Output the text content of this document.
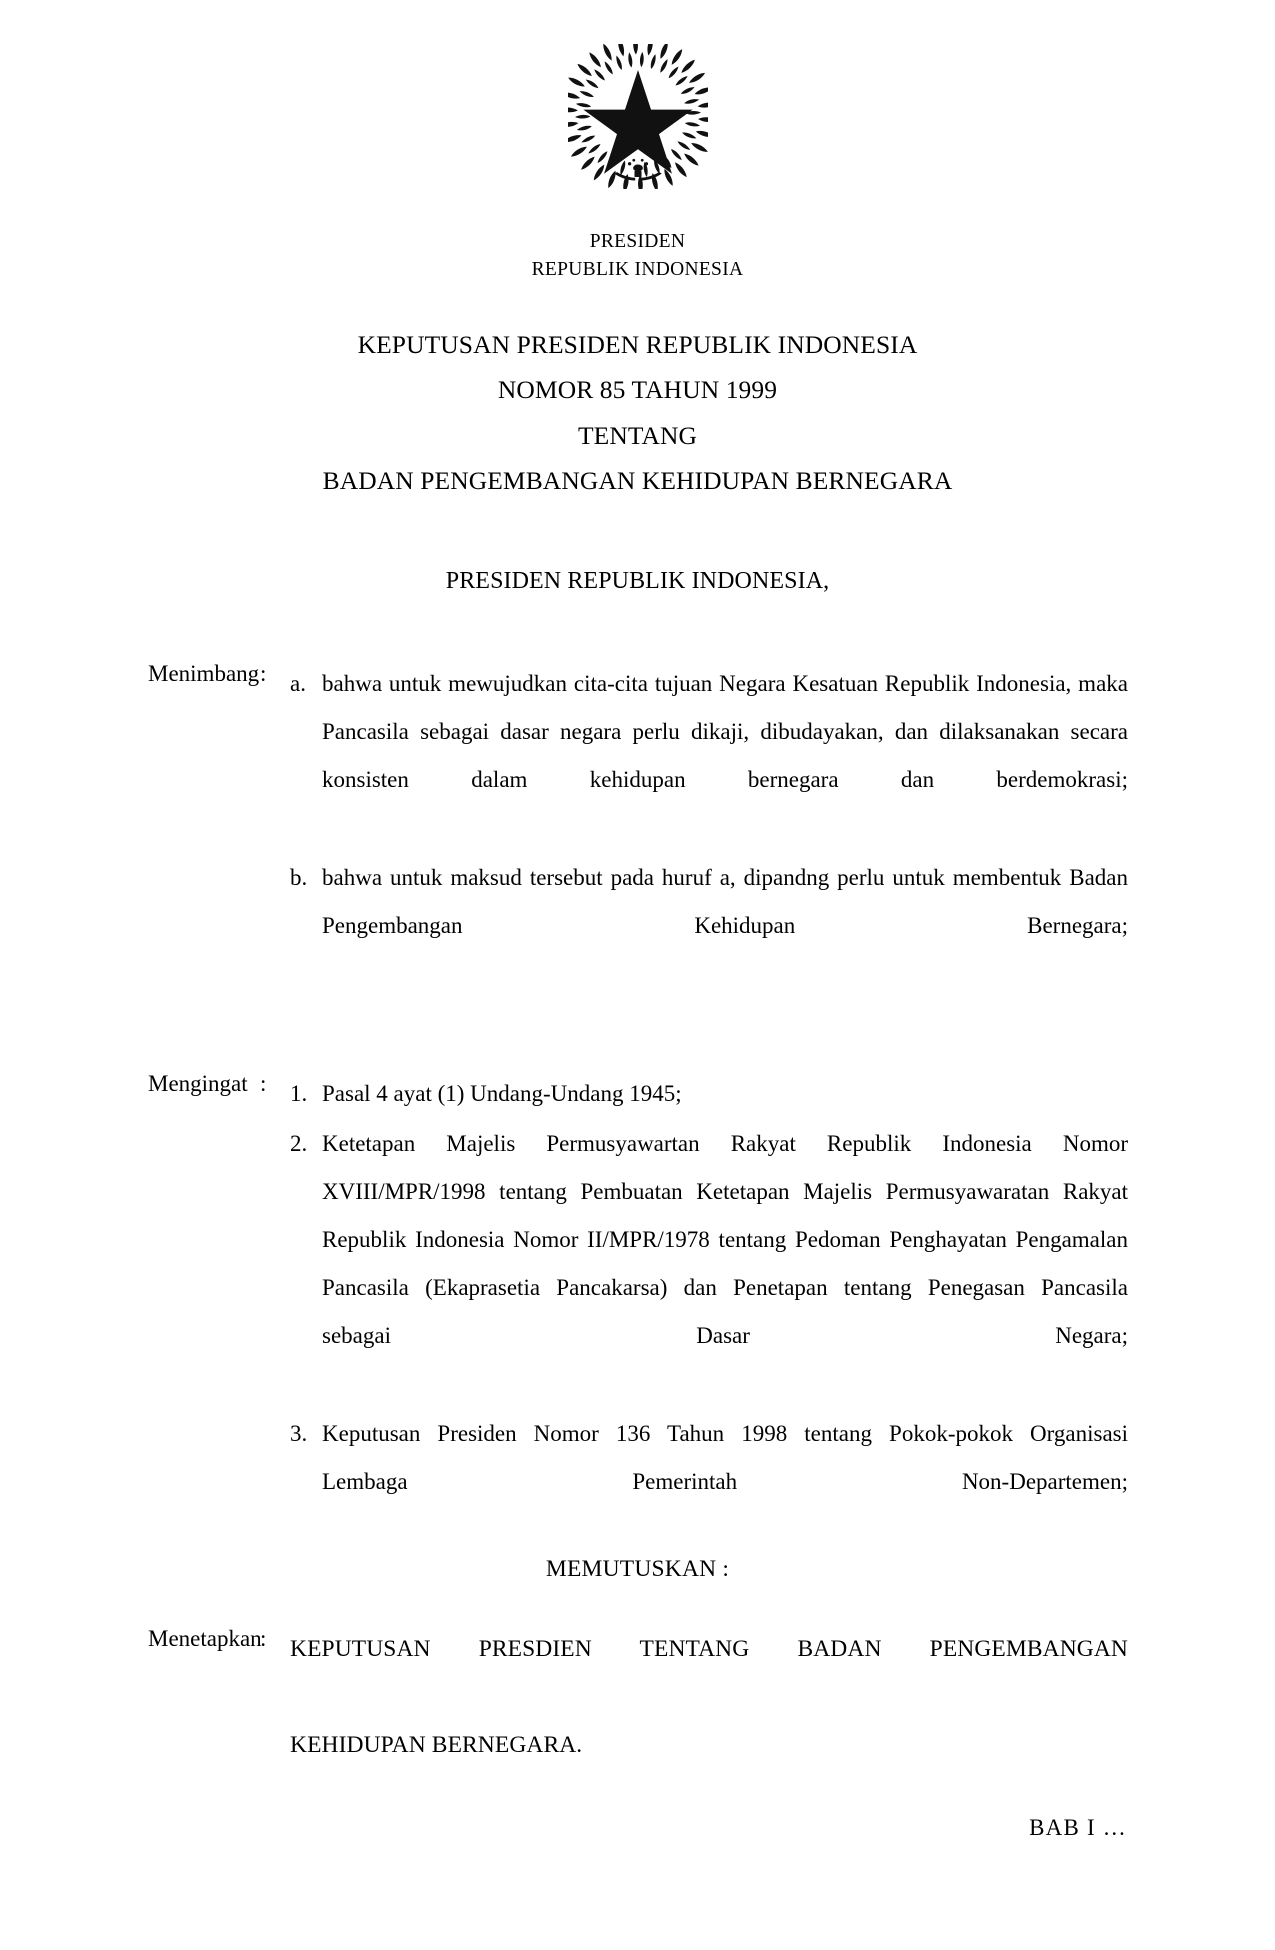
PRESIDEN
REPUBLIK INDONESIA
KEPUTUSAN PRESIDEN REPUBLIK INDONESIA
NOMOR 85 TAHUN 1999
TENTANG
BADAN PENGEMBANGAN KEHIDUPAN BERNEGARA
PRESIDEN REPUBLIK INDONESIA,
Menimbang :	a. bahwa untuk mewujudkan cita-cita tujuan Negara Kesatuan Republik Indonesia, maka Pancasila sebagai dasar negara perlu dikaji, dibudayakan, dan dilaksanakan secara konsisten dalam kehidupan bernegara dan berdemokrasi;
b. bahwa untuk maksud tersebut pada huruf a, dipandng perlu untuk membentuk Badan Pengembangan Kehidupan Bernegara;
Mengingat :	1. Pasal 4 ayat (1) Undang-Undang 1945;
2. Ketetapan Majelis Permusyawartan Rakyat Republik Indonesia Nomor XVIII/MPR/1998 tentang Pembuatan Ketetapan Majelis Permusyawaratan Rakyat Republik Indonesia Nomor II/MPR/1978 tentang Pedoman Penghayatan Pengamalan Pancasila (Ekaprasetia Pancakarsa) dan Penetapan tentang Penegasan Pancasila sebagai Dasar Negara;
3. Keputusan Presiden Nomor 136 Tahun 1998 tentang Pokok-pokok Organisasi Lembaga Pemerintah Non-Departemen;
MEMUTUSKAN :
Menetapkan
:	KEPUTUSAN PRESDIEN TENTANG BADAN PENGEMBANGAN
KEHIDUPAN BERNEGARA.
BAB I …
